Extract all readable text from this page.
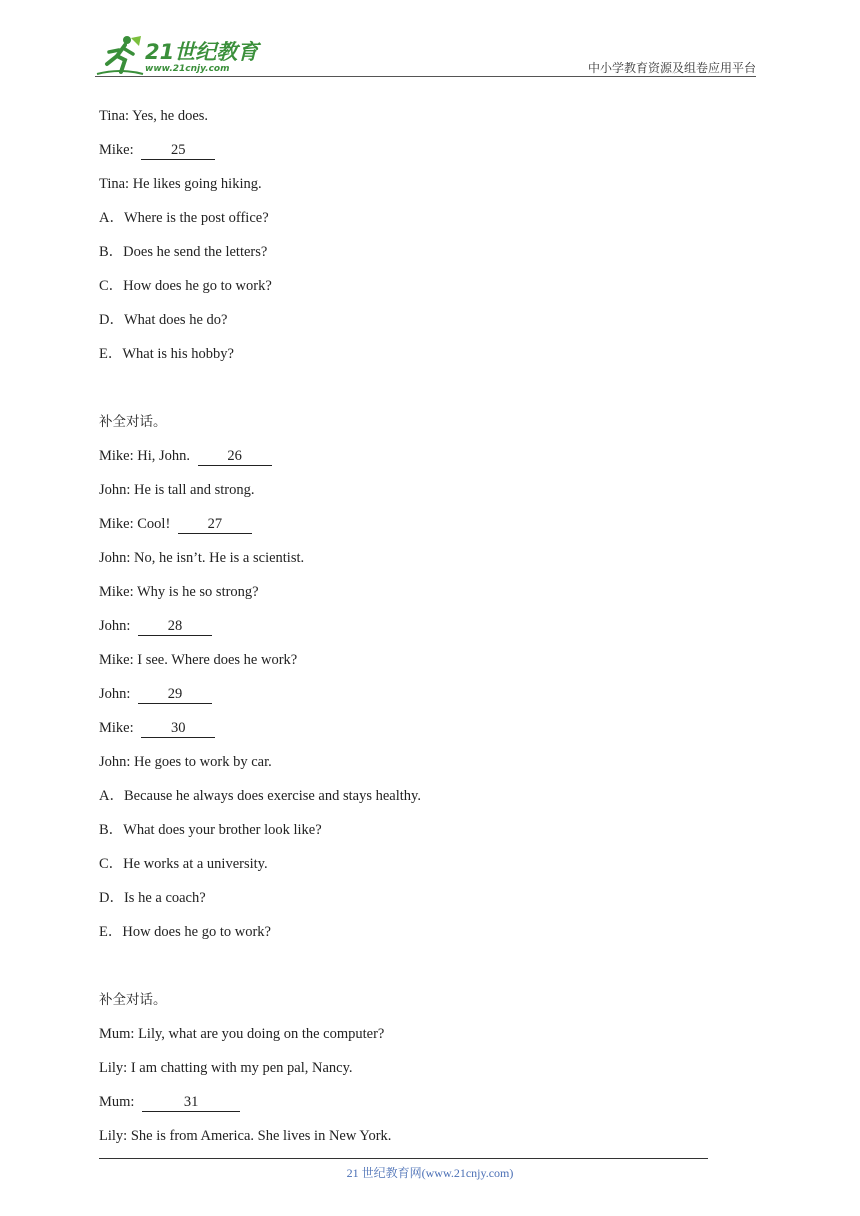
21世纪教育
www.21cnjy.com	中小学教育资源及组卷应用平台
Tina: Yes, he does.
Mike:	25
Tina: He likes going hiking.
A．Where is the post office?
B．Does he send the letters?
C．How does he go to work?
D．What does he do?
E．What is his hobby?
补全对话。
Mike: Hi, John.	26
John: He is tall and strong.
Mike: Cool!	27
John: No, he isn’t. He is a scientist.
Mike: Why is he so strong?
John:	28
Mike: I see. Where does he work?
John:	29
Mike:	30
John: He goes to work by car.
A．Because he always does exercise and stays healthy.
B．What does your brother look like?
C．He works at a university.
D．Is he a coach?
E．How does he go to work?
补全对话。
Mum: Lily, what are you doing on the computer?
Lily: I am chatting with my pen pal, Nancy.
Mum:	31
Lily: She is from America. She lives in New York.
21 世纪教育网(www.21cnjy.com)
